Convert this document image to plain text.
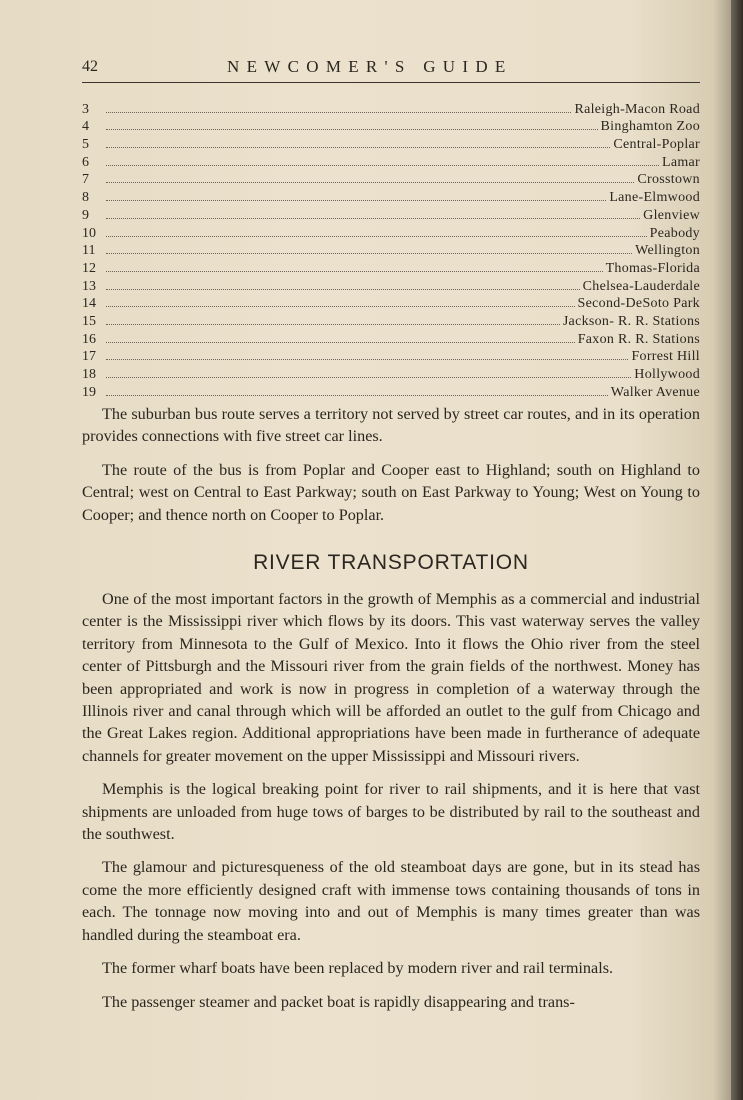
42	NEWCOMER'S GUIDE
3	Raleigh-Macon Road
4	Binghamton Zoo
5	Central-Poplar
6	Lamar
7	Crosstown
8	Lane-Elmwood
9	Glenview
10	Peabody
11	Wellington
12	Thomas-Florida
13	Chelsea-Lauderdale
14	Second-DeSoto Park
15	Jackson- R. R. Stations
16	Faxon R. R. Stations
17	Forrest Hill
18	Hollywood
19	Walker Avenue

The suburban bus route serves a territory not served by street car routes, and in its operation provides connections with five street car lines.

The route of the bus is from Poplar and Cooper east to Highland; south on Highland to Central; west on Central to East Parkway; south on East Parkway to Young; West on Young to Cooper; and thence north on Cooper to Poplar.

RIVER TRANSPORTATION

One of the most important factors in the growth of Memphis as a commercial and industrial center is the Mississippi river which flows by its doors. This vast waterway serves the valley territory from Minnesota to the Gulf of Mexico. Into it flows the Ohio river from the steel center of Pittsburgh and the Missouri river from the grain fields of the northwest. Money has been appropriated and work is now in progress in completion of a waterway through the Illinois river and canal through which will be afforded an outlet to the gulf from Chicago and the Great Lakes region. Additional appropriations have been made in furtherance of adequate channels for greater movement on the upper Mississippi and Missouri rivers.

Memphis is the logical breaking point for river to rail shipments, and it is here that vast shipments are unloaded from huge tows of barges to be distributed by rail to the southeast and the southwest.

The glamour and picturesqueness of the old steamboat days are gone, but in its stead has come the more efficiently designed craft with immense tows containing thousands of tons in each. The tonnage now moving into and out of Memphis is many times greater than was handled during the steamboat era.

The former wharf boats have been replaced by modern river and rail terminals.

The passenger steamer and packet boat is rapidly disappearing and trans-
